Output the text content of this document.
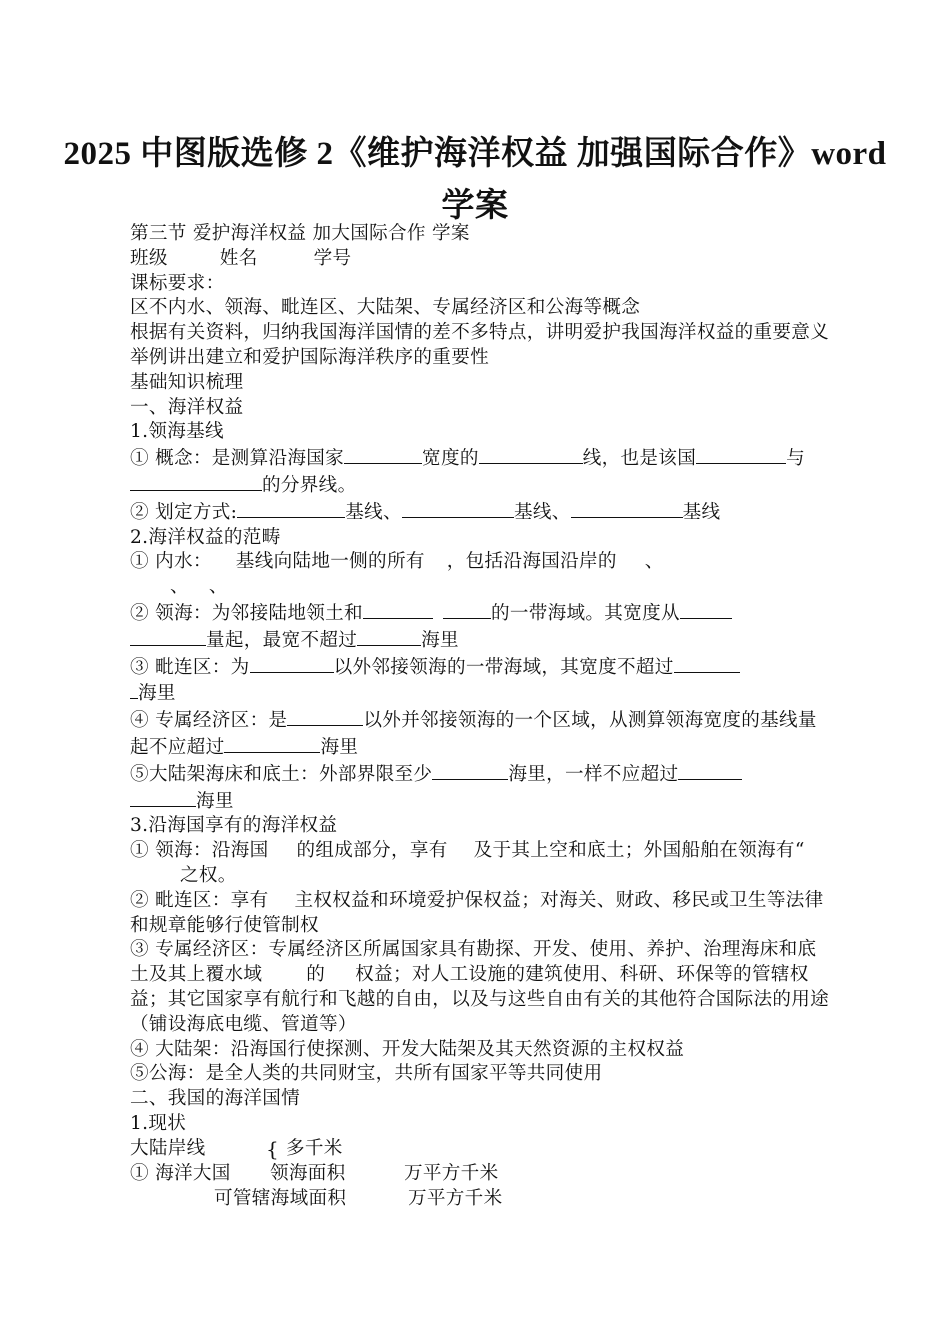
2025 中图版选修 2《维护海洋权益 加强国际合作》word 学案

第三节 爱护海洋权益 加大国际合作 学案

班级	姓名	学号

课标要求：

区不内水、领海、毗连区、大陆架、专属经济区和公海等概念

根据有关资料，归纳我国海洋国情的差不多特点，讲明爱护我国海洋权益的重要意义

举例讲出建立和爱护国际海洋秩序的重要性

基础知识梳理

一、海洋权益

1.领海基线

① 概念：是测算沿海国家	宽度的	线，也是该国	与的分界线。

② 划定方式:	基线、	基线、	基线

2.海洋权益的范畴

① 内水： 基线向陆地一侧的所有 ，包括沿海国沿岸的 、
、 、

② 领海：为邻接陆地领土和	的一带海域。其宽度从
量起，最宽不超过	海里

③ 毗连区：为	以外邻接领海的一带海域，其宽度不超过
海里

④ 专属经济区：是	以外并邻接领海的一个区域，从测算领海宽度的基线量起不应超过	海里

⑤大陆架海床和底土：外部界限至少	海里，一样不应超过
海里

3.沿海国享有的海洋权益

① 领海：沿海国 的组成部分，享有 及于其上空和底土；外国船舶在领海有“之权。

② 毗连区：享有 主权权益和环境爱护保权益；对海关、财政、移民或卫生等法律和规章能够行使管制权

③ 专属经济区：专属经济区所属国家具有勘探、开发、使用、养护、治理海床和底土及其上覆水域 的 权益；对人工设施的建筑使用、科研、环保等的管辖权益；其它国家享有航行和飞越的自由，以及与这些自由有关的其他符合国际法的用途（铺设海底电缆、管道等）

④ 大陆架：沿海国行使探测、开发大陆架及其天然资源的主权权益

⑤公海：是全人类的共同财宝，共所有国家平等共同使用

二、我国的海洋国情

1.现状

大陆岸线	多千米
{
① 海洋大国 领海面积	万平方千米
可管辖海域面积	万平方千米
